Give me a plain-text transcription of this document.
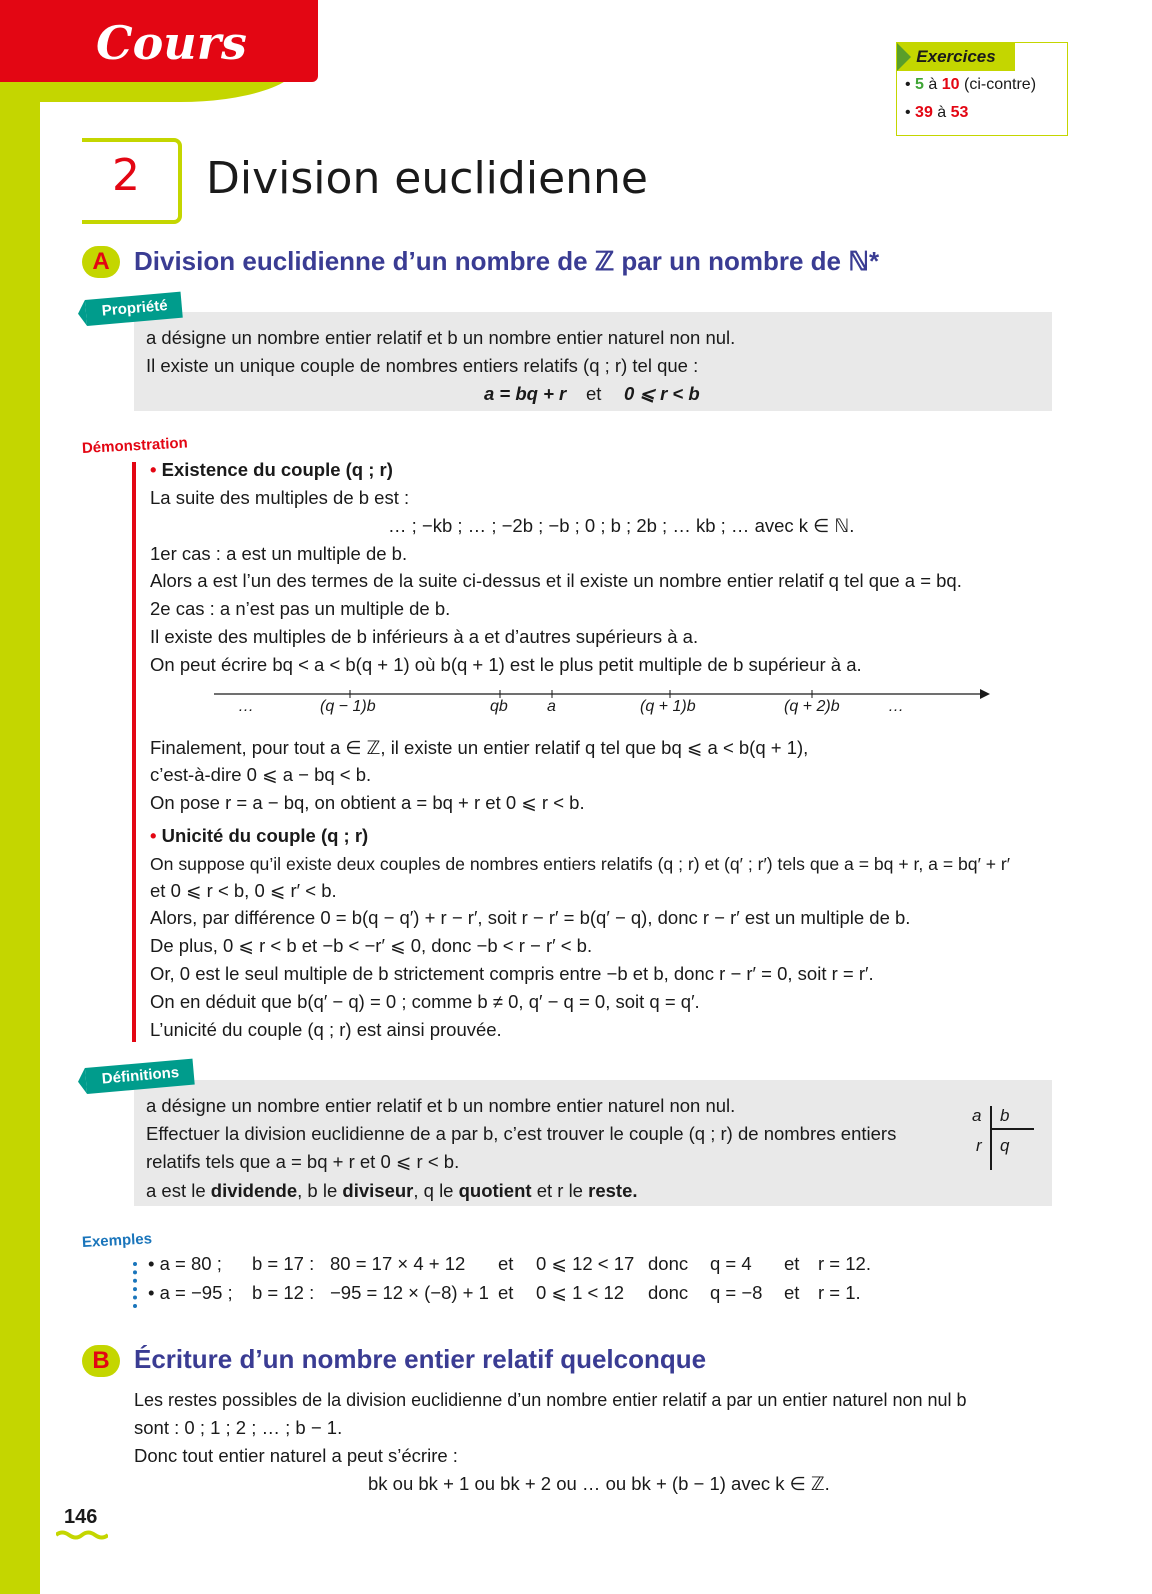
Cours	Exercices
• 5 à 10 (ci-contre)
• 39 à 53
2 Division euclidienne
A Division euclidienne d’un nombre de ℤ par un nombre de ℕ*
Propriété
a désigne un nombre entier relatif et b un nombre entier naturel non nul.
Il existe un unique couple de nombres entiers relatifs (q ; r) tel que :
a = bq + r et 0 ⩽ r < b
Démonstration
• Existence du couple (q ; r)
La suite des multiples de b est :
… ; −kb ; … ; −2b ; −b ; 0 ; b ; 2b ; … kb ; … avec k ∈ ℕ.
1er cas : a est un multiple de b.
Alors a est l’un des termes de la suite ci-dessus et il existe un nombre entier relatif q tel que a = bq.
2e cas : a n’est pas un multiple de b.
Il existe des multiples de b inférieurs à a et d’autres supérieurs à a.
On peut écrire bq < a < b(q + 1) où b(q + 1) est le plus petit multiple de b supérieur à a.
…	(q − 1)b	qb a	(q + 1)b	(q + 2)b	…
Finalement, pour tout a ∈ ℤ, il existe un entier relatif q tel que bq ⩽ a < b(q + 1),
c’est-à-dire 0 ⩽ a − bq < b.
On pose r = a − bq, on obtient a = bq + r et 0 ⩽ r < b.
• Unicité du couple (q ; r)
On suppose qu’il existe deux couples de nombres entiers relatifs (q ; r) et (q′ ; r′) tels que a = bq + r, a = bq′ + r′
et 0 ⩽ r < b, 0 ⩽ r′ < b.
Alors, par différence 0 = b(q − q′) + r − r′, soit r − r′ = b(q′ − q), donc r − r′ est un multiple de b.
De plus, 0 ⩽ r < b et −b < −r′ ⩽ 0, donc −b < r − r′ < b.
Or, 0 est le seul multiple de b strictement compris entre −b et b, donc r − r′ = 0, soit r = r′.
On en déduit que b(q′ − q) = 0 ; comme b ≠ 0, q′ − q = 0, soit q = q′.
L’unicité du couple (q ; r) est ainsi prouvée.
Définitions
a désigne un nombre entier relatif et b un nombre entier naturel non nul.
Effectuer la division euclidienne de a par b, c’est trouver le couple (q ; r) de nombres entiers
relatifs tels que a = bq + r et 0 ⩽ r < b.
a est le dividende, b le diviseur, q le quotient et r le reste.
a b
r q
Exemples
• a = 80 ; b = 17 : 80 = 17 × 4 + 12 et 0 ⩽ 12 < 17 donc q = 4 et r = 12.
• a = −95 ; b = 12 : −95 = 12 × (−8) + 1 et 0 ⩽ 1 < 12 donc q = −8 et r = 1.
B Écriture d’un nombre entier relatif quelconque
Les restes possibles de la division euclidienne d’un nombre entier relatif a par un entier naturel non nul b
sont : 0 ; 1 ; 2 ; … ; b − 1.
Donc tout entier naturel a peut s’écrire :
bk ou bk + 1 ou bk + 2 ou … ou bk + (b − 1) avec k ∈ ℤ.
146
